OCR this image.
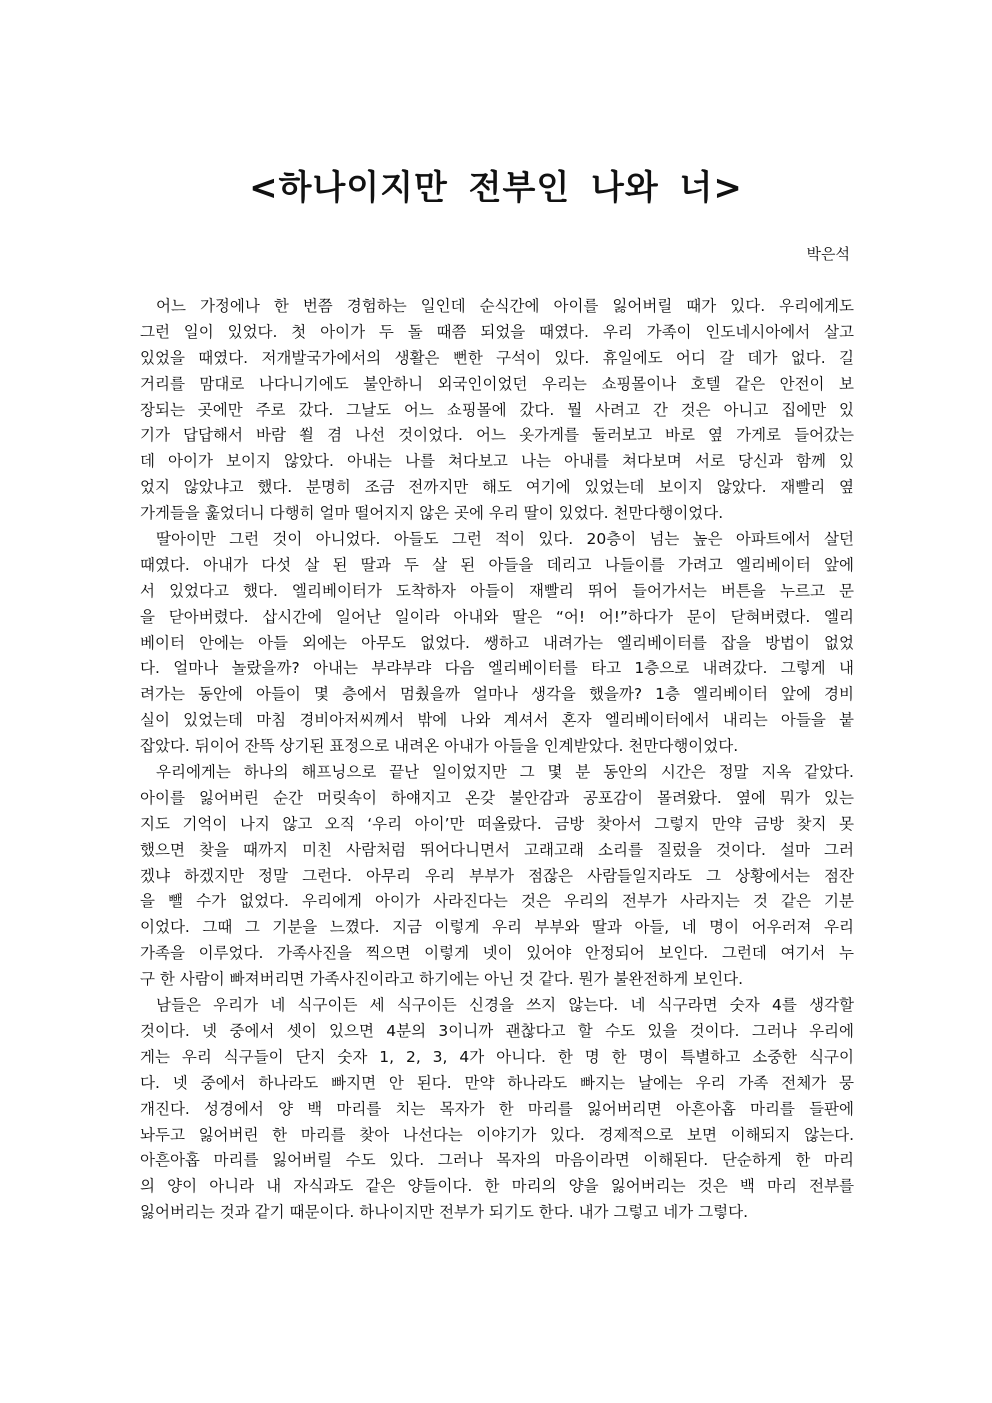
<하나이지만 전부인 나와 너>
박은석
어느 가정에나 한 번쯤 경험하는 일인데 순식간에 아이를 잃어버릴 때가 있다. 우리에게도
그런 일이 있었다. 첫 아이가 두 돌 때쯤 되었을 때였다. 우리 가족이 인도네시아에서 살고
있었을 때였다. 저개발국가에서의 생활은 뻔한 구석이 있다. 휴일에도 어디 갈 데가 없다. 길
거리를 맘대로 나다니기에도 불안하니 외국인이었던 우리는 쇼핑몰이나 호텔 같은 안전이 보
장되는 곳에만 주로 갔다. 그날도 어느 쇼핑몰에 갔다. 뭘 사려고 간 것은 아니고 집에만 있
기가 답답해서 바람 쐴 겸 나선 것이었다. 어느 옷가게를 둘러보고 바로 옆 가게로 들어갔는
데 아이가 보이지 않았다. 아내는 나를 쳐다보고 나는 아내를 쳐다보며 서로 당신과 함께 있
었지 않았냐고 했다. 분명히 조금 전까지만 해도 여기에 있었는데 보이지 않았다. 재빨리 옆
가게들을 훑었더니 다행히 얼마 떨어지지 않은 곳에 우리 딸이 있었다. 천만다행이었다.
딸아이만 그런 것이 아니었다. 아들도 그런 적이 있다. 20층이 넘는 높은 아파트에서 살던
때였다. 아내가 다섯 살 된 딸과 두 살 된 아들을 데리고 나들이를 가려고 엘리베이터 앞에
서 있었다고 했다. 엘리베이터가 도착하자 아들이 재빨리 뛰어 들어가서는 버튼을 누르고 문
을 닫아버렸다. 삽시간에 일어난 일이라 아내와 딸은 “어! 어!”하다가 문이 닫혀버렸다. 엘리
베이터 안에는 아들 외에는 아무도 없었다. 쌩하고 내려가는 엘리베이터를 잡을 방법이 없었
다. 얼마나 놀랐을까? 아내는 부랴부랴 다음 엘리베이터를 타고 1층으로 내려갔다. 그렇게 내
려가는 동안에 아들이 몇 층에서 멈췄을까 얼마나 생각을 했을까? 1층 엘리베이터 앞에 경비
실이 있었는데 마침 경비아저씨께서 밖에 나와 계셔서 혼자 엘리베이터에서 내리는 아들을 붙
잡았다. 뒤이어 잔뜩 상기된 표정으로 내려온 아내가 아들을 인계받았다. 천만다행이었다.
우리에게는 하나의 해프닝으로 끝난 일이었지만 그 몇 분 동안의 시간은 정말 지옥 같았다.
아이를 잃어버린 순간 머릿속이 하얘지고 온갖 불안감과 공포감이 몰려왔다. 옆에 뭐가 있는
지도 기억이 나지 않고 오직 ‘우리 아이’만 떠올랐다. 금방 찾아서 그렇지 만약 금방 찾지 못
했으면 찾을 때까지 미친 사람처럼 뛰어다니면서 고래고래 소리를 질렀을 것이다. 설마 그러
겠냐 하겠지만 정말 그런다. 아무리 우리 부부가 점잖은 사람들일지라도 그 상황에서는 점잔
을 뺄 수가 없었다. 우리에게 아이가 사라진다는 것은 우리의 전부가 사라지는 것 같은 기분
이었다. 그때 그 기분을 느꼈다. 지금 이렇게 우리 부부와 딸과 아들, 네 명이 어우러져 우리
가족을 이루었다. 가족사진을 찍으면 이렇게 넷이 있어야 안정되어 보인다. 그런데 여기서 누
구 한 사람이 빠져버리면 가족사진이라고 하기에는 아닌 것 같다. 뭔가 불완전하게 보인다.
남들은 우리가 네 식구이든 세 식구이든 신경을 쓰지 않는다. 네 식구라면 숫자 4를 생각할
것이다. 넷 중에서 셋이 있으면 4분의 3이니까 괜찮다고 할 수도 있을 것이다. 그러나 우리에
게는 우리 식구들이 단지 숫자 1, 2, 3, 4가 아니다. 한 명 한 명이 특별하고 소중한 식구이
다. 넷 중에서 하나라도 빠지면 안 된다. 만약 하나라도 빠지는 날에는 우리 가족 전체가 뭉
개진다. 성경에서 양 백 마리를 치는 목자가 한 마리를 잃어버리면 아흔아홉 마리를 들판에
놔두고 잃어버린 한 마리를 찾아 나선다는 이야기가 있다. 경제적으로 보면 이해되지 않는다.
아흔아홉 마리를 잃어버릴 수도 있다. 그러나 목자의 마음이라면 이해된다. 단순하게 한 마리
의 양이 아니라 내 자식과도 같은 양들이다. 한 마리의 양을 잃어버리는 것은 백 마리 전부를
잃어버리는 것과 같기 때문이다. 하나이지만 전부가 되기도 한다. 내가 그렇고 네가 그렇다.
